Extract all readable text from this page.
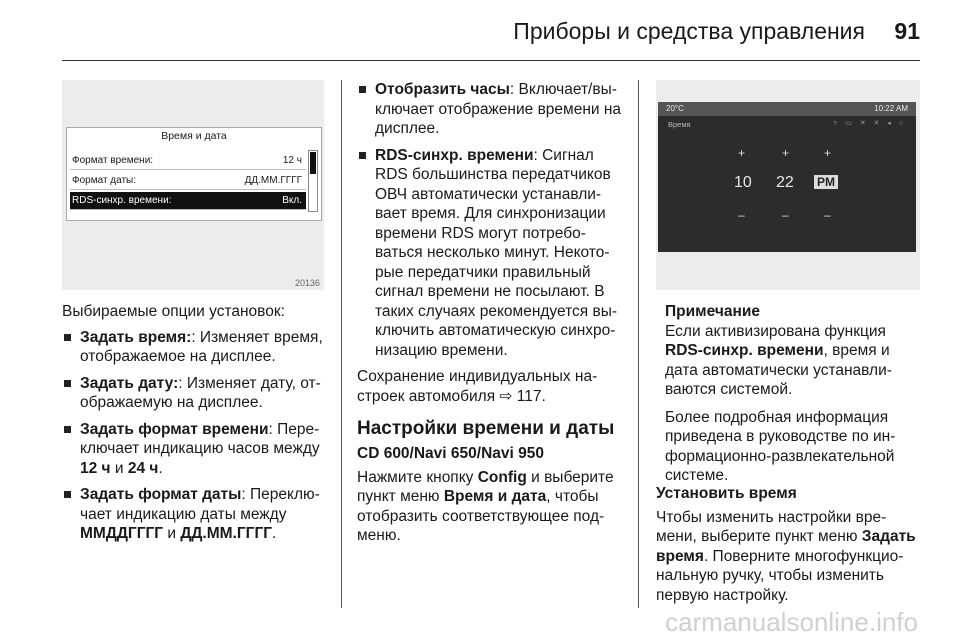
Приборы и средства управления 91
Время и дата
Формат времени:	12 ч
Формат даты:	ДД.ММ.ГГГГ
RDS-синхр. времени:	Вкл.
20136

Выбираемые опции установок:

Задать время:: Изменяет время, отображаемое на дисплее.
Задать дату:: Изменяет дату, от-ображаемую на дисплее.
Задать формат времени: Пере-ключает индикацию часов между 12 ч и 24 ч.
Задать формат даты: Переклю-чает индикацию даты между ММДДГГГГ и ДД.ММ.ГГГГ.
Отобразить часы: Включает/вы-ключает отображение времени на дисплее.
RDS-синхр. времени: Сигнал RDS большинства передатчиков ОВЧ автоматически устанавли-вает время. Для синхронизации времени RDS могут потребо-ваться несколько минут. Некото-рые передатчики правильный сигнал времени не посылают. В таких случаях рекомендуется вы-ключить автоматическую синхро-низацию времени.

Сохранение индивидуальных на-строек автомобиля ⇨ 117.

Настройки времени и даты
CD 600/Navi 650/Navi 950

Нажмите кнопку Config и выберите пункт меню Время и дата, чтобы отобразить соответствующее под-меню.

20°C	10:22 AM
Время	▿ ▭ ✕ ✕ ◂ ○
+	+	+
10 22 PM
–	–	–
Примечание

Если активизирована функция RDS-синхр. времени, время и дата автоматически устанавли-ваются системой.

Более подробная информация приведена в руководстве по ин-формационно-развлекательной системе.

Установить время

Чтобы изменить настройки вре-мени, выберите пункт меню Задать время. Поверните многофункцио-нальную ручку, чтобы изменить первую настройку.

carmanualsonline.info
